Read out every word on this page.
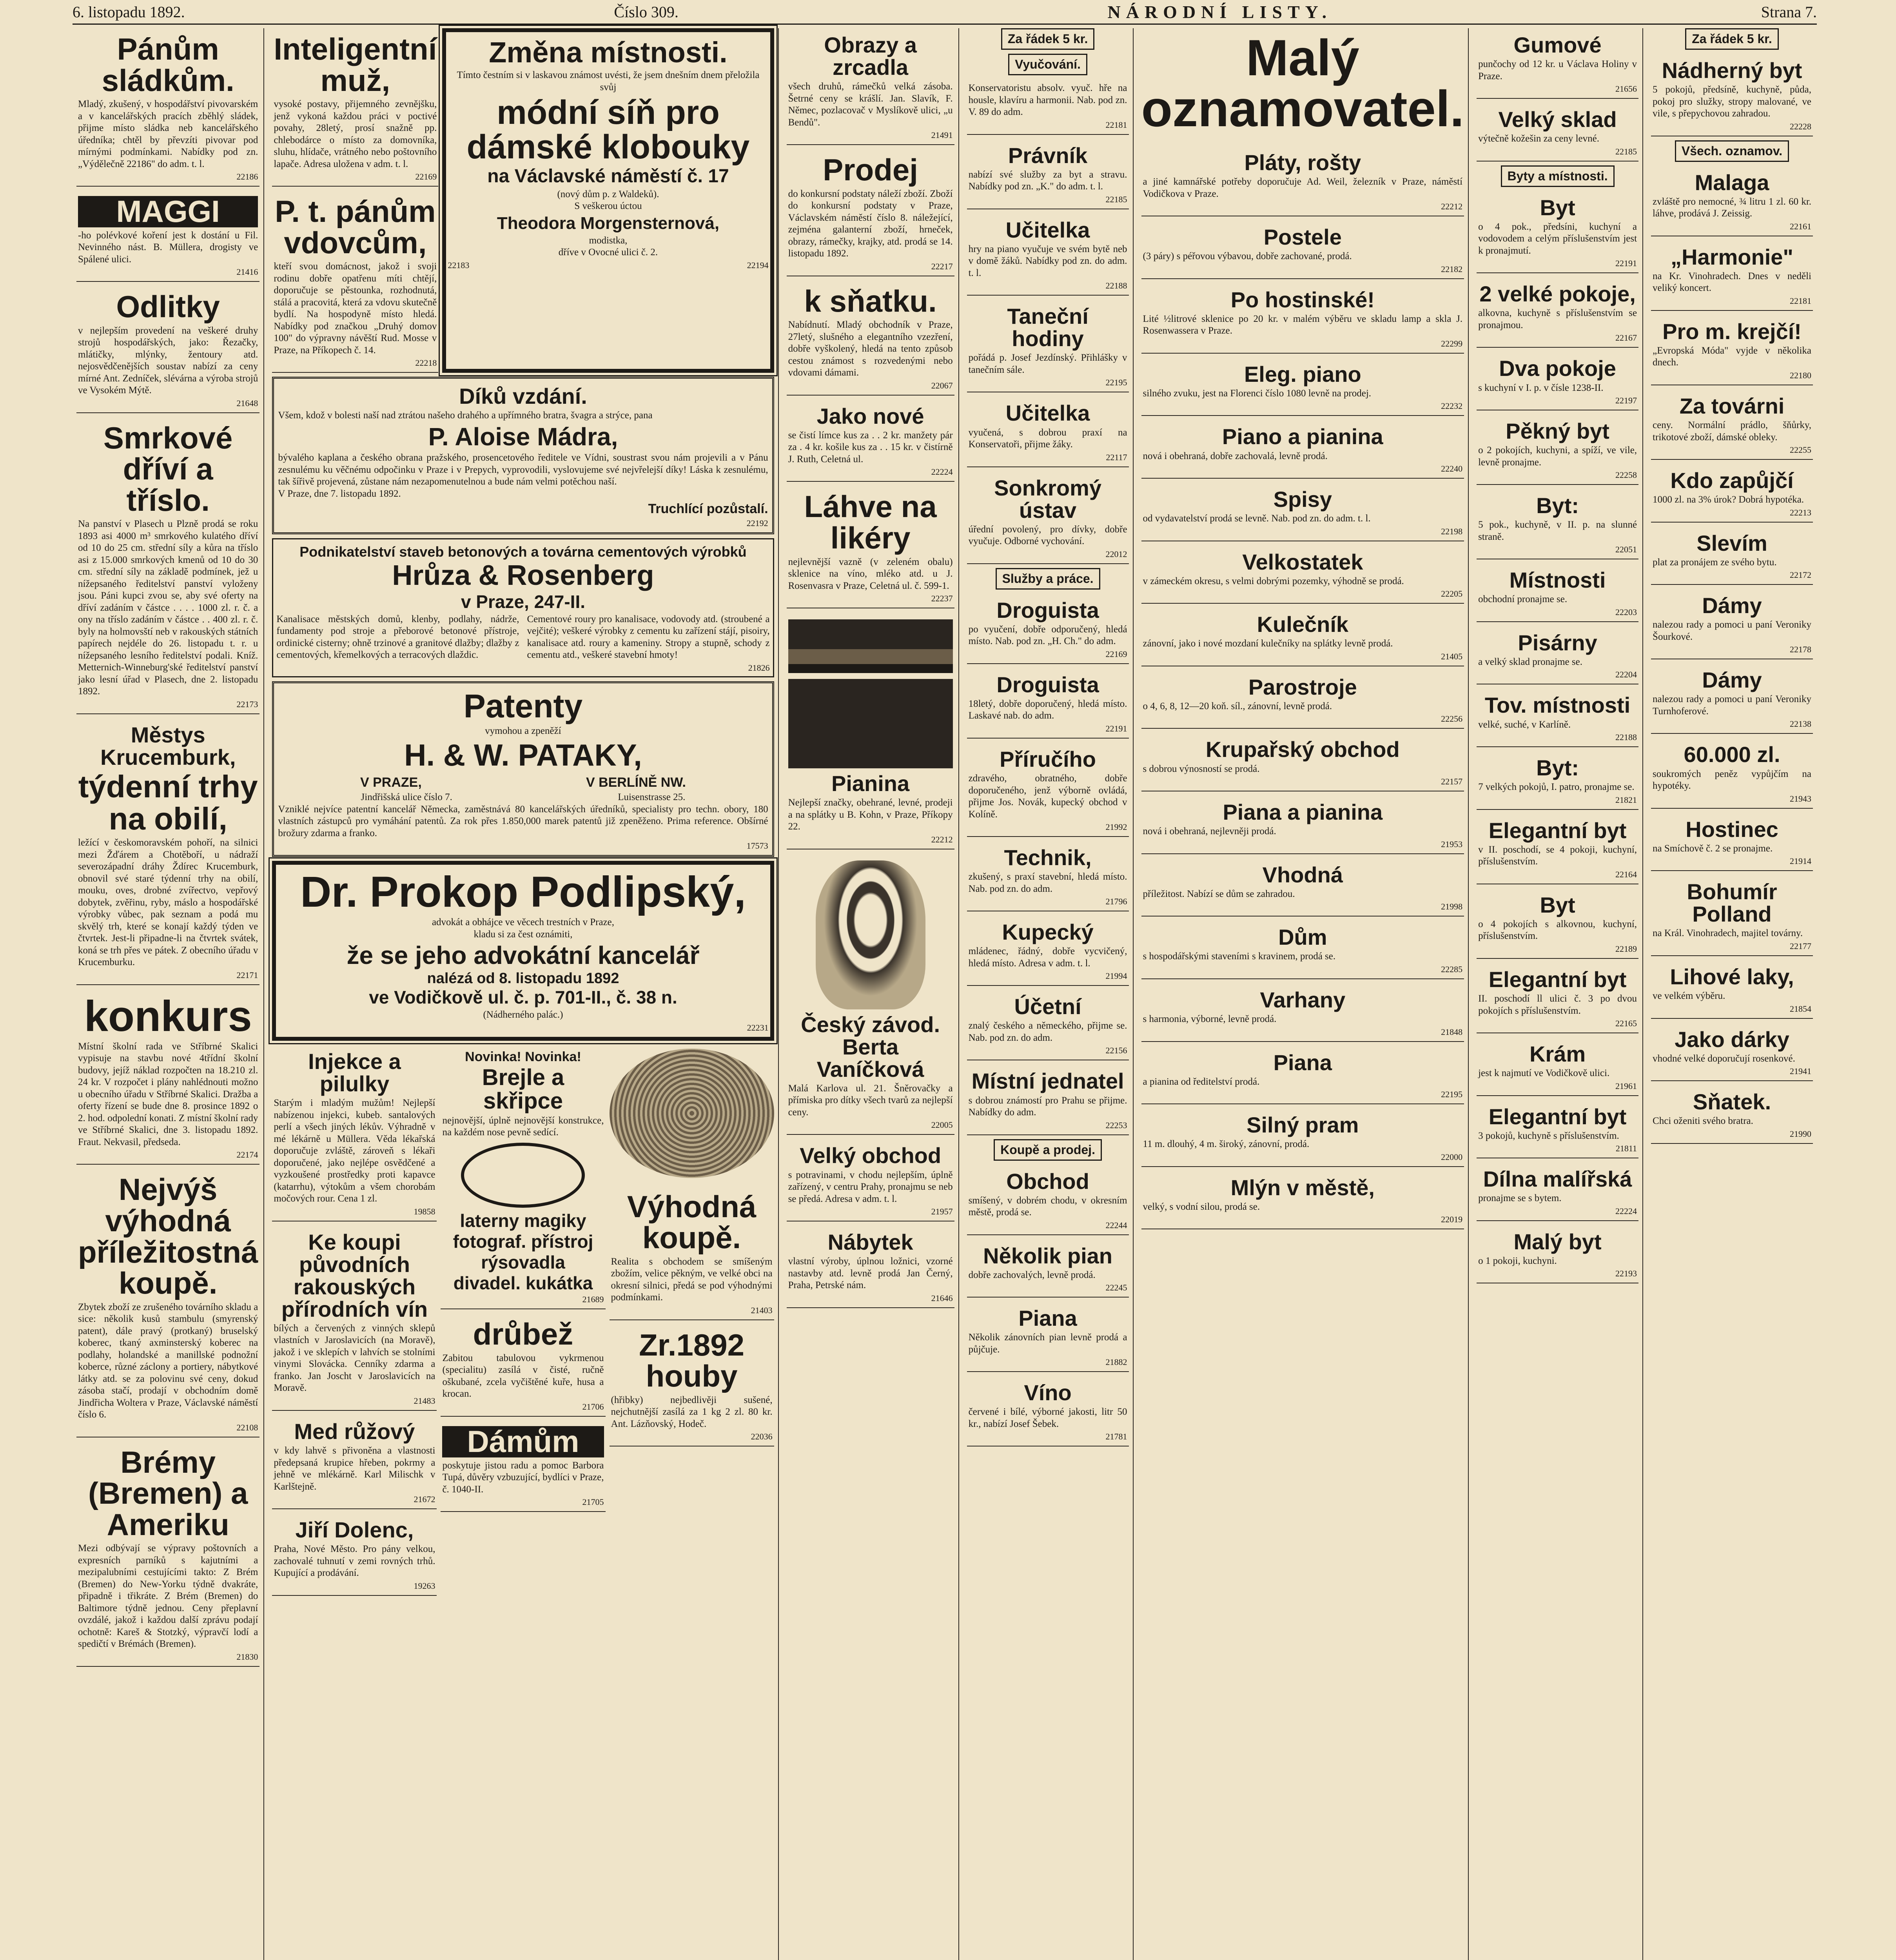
6. listopadu 1892.	Číslo 309.	NÁRODNÍ LISTY.	Strana 7.
Pánům sládkům.
Mladý, zkušený, v hospodářství pivovarském a v kancelářských pracích zběhlý sládek, přijme místo sládka neb kancelářského úředníka; chtěl by převzíti pivovar pod mírnými podmínkami. Nabídky pod zn. „Výdělečně 22186" do adm. t. l.
22186
MAGGI
-ho polévkové koření jest k dostání u Fil. Nevinného nást. B. Müllera, drogisty ve Spálené ulici.
21416
Odlitky
v nejlepším provedení na veškeré druhy strojů hospodářských, jako: Řezačky, mlátičky, mlýnky, žentoury atd. nejosvědčenějších soustav nabízí za ceny mírné Ant. Zedníček, slévárna a výroba strojů ve Vysokém Mýtě.
21648
Smrkové dříví a tříslo.
Na panství v Plasech u Plzně prodá se roku 1893 asi 4000 m³ smrkového kulatého dříví od 10 do 25 cm. střední síly a kůra na tříslo asi z 15.000 smrkových kmenů od 10 do 30 cm. střední síly na základě podmínek, jež u nížepsaného ředitelství panství vyloženy jsou. Páni kupci zvou se, aby své oferty na dříví zadáním v částce . . . . 1000 zl. r. č. a ony na tříslo zadáním v částce . . 400 zl. r. č. byly na holmovsští neb v rakouských státních papírech nejdéle do 26. listopadu t. r. u nížepsaného lesního ředitelství podali. Kníž. Metternich-Winneburg'ské ředitelství panství jako lesní úřad v Plasech, dne 2. listopadu 1892.
22173
Městys Krucemburk,
týdenní trhy na obilí,
ležící v českomoravském pohoří, na silnici mezi Žďárem a Chotěboří, u nádraží severozápadní dráhy Ždírec Krucemburk, obnovil své staré týdenní trhy na obilí, mouku, oves, drobné zvířectvo, vepřový dobytek, zvěřinu, ryby, máslo a hospodářské výrobky vůbec, pak seznam a podá mu skvělý trh, které se konají každý týden ve čtvrtek. Jest-li připadne-li na čtvrtek svátek, koná se trh přes ve pátek. Z obecního úřadu v Krucemburku.
22171
konkurs
Místní školní rada ve Stříbrné Skalici vypisuje na stavbu nové 4třídní školní budovy, jejíž náklad rozpočten na 18.210 zl. 24 kr. V rozpočet i plány nahlédnouti možno u obecního úřadu v Stříbrné Skalici. Dražba a oferty řízení se bude dne 8. prosince 1892 o 2. hod. odpolední konati. Z místní školní rady ve Stříbrné Skalici, dne 3. listopadu 1892. Fraut. Nekvasil, předseda.
22174
Nejvýš výhodná příležitostná koupě.
Zbytek zboží ze zrušeného továrního skladu a sice: několik kusů stambulu (smyrenský patent), dále pravý (protkaný) bruselský koberec, tkaný axminsterský koberec na podlahy, holandské a manillské podnožní koberce, různé záclony a portiery, nábytkové látky atd. se za polovinu své ceny, dokud zásoba stačí, prodají v obchodním domě Jindřicha Woltera v Praze, Václavské náměstí číslo 6.
22108
Brémy (Bremen) a Ameriku
Mezi odbývají se výpravy poštovních a expresních parníků s kajutními a mezipalubními cestujícími takto: Z Brém (Bremen) do New-Yorku týdně dvakráte, připadně i třikráte. Z Brém (Bremen) do Baltimore týdně jednou. Ceny přeplavní ovzdálé, jakož i každou další zprávu podají ochotně: Kareš & Stotzký, výpravčí lodí a spedičtí v Brémách (Bremen).
21830
Inteligentní muž,
vysoké postavy, přijemného zevnějšku, jenž vykoná každou práci v poctivé povahy, 28letý, prosí snažně pp. chlebodárce o místo za domovníka, sluhu, hlídače, vrátného nebo poštovního lapače. Adresa uložena v adm. t. l.
22169
P. t. pánům vdovcům,
kteří svou domácnost, jakož i svoji rodinu dobře opatřenu míti chtějí, doporučuje se pěstounka, rozhodnutá, stálá a pracovitá, která za vdovu skutečně bydlí. Na hospodyně místo hledá. Nabídky pod značkou „Druhý domov 100" do výpravny návěští Rud. Mosse v Praze, na Příkopech č. 14.
22218
Změna místnosti.
Tímto čestním si v laskavou známost uvésti, že jsem dnešním dnem přeložila svůj
módní síň pro dámské klobouky
na Václavské náměstí č. 17
(nový dům p. z Waldeků).
S veškerou úctou
Theodora Morgensternová,
modistka,
dříve v Ovocné ulici č. 2.
22183	22194
Díků vzdání.
Všem, kdož v bolesti naší nad ztrátou našeho drahého a upřímného bratra, švagra a strýce, pana
P. Aloise Mádra,
bývalého kaplana a českého obrana pražského, prosencetového ředitele ve Vídni, soustrast svou nám projevili a v Pánu zesnulému ku věčnému odpočinku v Praze i v Prepych, vyprovodili, vyslovujeme své nejvřelejší díky! Láska k zesnulému, tak šířivě projevená, zůstane nám nezapomenutelnou a bude nám velmi potěchou naší.
V Praze, dne 7. listopadu 1892.
Truchlící pozůstalí.
22192
Podnikatelství staveb betonových a továrna cementových výrobků
Hrůza & Rosenberg
v Praze, 247-II.
Kanalisace městských domů, klenby, podlahy, nádrže, fundamenty pod stroje a přeborové betonové přístroje, ordinické cisterny; ohně trzinové a granitové dlažby; dlažby z cementových, křemelkových a terracových dlaždic.
Cementové roury pro kanalisace, vodovody atd. (stroubené a vejčité); veškeré výrobky z cementu ku zařízení stájí, pisoiry, kanalisace atd. roury a kameniny. Stropy a stupně, schody z cementu atd., veškeré stavební hmoty!
21826
Patenty
vymohou a zpeněží
H. & W. PATAKY,
V PRAZE,	V BERLÍNĚ NW.
Jindřišská ulice číslo 7.	Luisenstrasse 25.
Vzniklé nejvíce patentní kancelář Německa, zaměstnává 80 kancelářských úředníků, specialisty pro techn. obory, 180 vlastních zástupců pro vymáhání patentů. Za rok přes 1.850,000 marek patentů již zpeněženo. Prima reference. Obšírné brožury zdarma a franko.
17573
Dr. Prokop Podlipský,
advokát a obhájce ve věcech trestních v Praze,
kladu si za čest oznámiti,
že se jeho advokátní kancelář
nalézá od 8. listopadu 1892
ve Vodičkově ul. č. p. 701-II., č. 38 n.
(Nádherného palác.)
22231
Injekce a pilulky
Starým i mladým mužům! Nejlepší nabízenou injekci, kubeb. santalových perlí a všech jiných lékův. Výhradně v mé lékárně u Müllera. Věda lékařská doporučuje zvláště, zároveň s lékaři doporučené, jako nejlépe osvědčené a vyzkoušené prostředky proti kapavce (katarrhu), výtokům a všem chorobám močových rour. Cena 1 zl.
19858
Ke koupi původních rakouských přírodních vín
bílých a červených z vinných sklepů vlastních v Jaroslavicích (na Moravě), jakož i ve sklepích v lahvích se stolními vinymi Slovácka. Cenníky zdarma a franko. Jan Joscht v Jaroslavicích na Moravě.
21483
Med růžový
v kdy lahvě s přivoněna a vlastnosti předepsaná krupice hřeben, pokrmy a jehně ve mlékárně. Karl Milischk v Karlštejně.
21672
Jiří Dolenc,
Praha, Nové Město. Pro pány velkou, zachovalé tuhnutí v zemi rovných trhů. Kupující a prodávání.
19263
Novinka! Novinka!
Brejle a skřipce
nejnovější, úplně nejnovější konstrukce, na každém nose pevně sedící.
laterny magiky
fotograf. přístroj
rýsovadla
divadel. kukátka
21689
drůbež
Zabitou tabulovou vykrmenou (specialitu) zasílá v čisté, ručně oškubané, zcela vyčištěné kuře, husa a krocan.
21706
Dámům
poskytuje jistou radu a pomoc Barbora Tupá, důvěry vzbuzující, bydlíci v Praze, č. 1040-II.
21705
Výhodná koupě.
Realita s obchodem se smíšeným zbožím, velice pěkným, ve velké obci na okresní silnici, předá se pod výhodnými podmínkami.
21403
Zr.1892 houby
(hřibky) nejbedlivěji sušené, nejchutnější zasílá za 1 kg 2 zl. 80 kr. Ant. Lázňovský, Hodeč.
22036
Obrazy a zrcadla
všech druhů, rámečků velká zásoba. Šetrné ceny se krášlí. Jan. Slavík, F. Němec, pozlacovač v Myslíkově ulici, „u Bendů".
21491
Prodej
do konkursní podstaty náleží zboží. Zboží do konkursní podstaty v Praze, Václavském náměstí číslo 8. náležející, zejména galanterní zboží, hrneček, obrazy, rámečky, krajky, atd. prodá se 14. listopadu 1892.
22217
k sňatku.
Nabídnutí. Mladý obchodník v Praze, 27letý, slušného a elegantního vzezření, dobře vyškolený, hledá na tento způsob cestou známost s rozvedenými nebo vdovami dámami.
22067
Jako nové
se čistí límce kus za . . 2 kr. manžety pár za . 4 kr. košile kus za . . 15 kr. v čistírně J. Ruth, Celetná ul.
22224
Láhve na likéry
nejlevnější vazně (v zeleném obalu) sklenice na víno, mléko atd. u J. Rosenvasra v Praze, Celetná ul. č. 599-1.
22237
Pianina
Nejlepší značky, obehrané, levné, prodeji a na splátky u B. Kohn, v Praze, Příkopy 22.
22212
Český závod. Berta Vaníčková
Malá Karlova ul. 21. Šněrovačky a přímiska pro dítky všech tvarů za nejlepší ceny.
22005
Velký obchod
s potravinami, v chodu nejlepším, úplně zařízený, v centru Prahy, pronajmu se neb se předá. Adresa v adm. t. l.
21957
Nábytek
vlastní výroby, úplnou ložnici, vzorné nastavby atd. levně prodá Jan Černý, Praha, Petrské nám.
21646
Za řádek 5 kr.
Vyučování.
Konservatoristu absolv. vyuč. hře na housle, klavíru a harmonii. Nab. pod zn. V. 89 do adm.
22181
Právník
nabízí své služby za byt a stravu. Nabídky pod zn. „K." do adm. t. l.
22185
Učitelka
hry na piano vyučuje ve svém bytě neb v domě žáků. Nabídky pod zn. do adm. t. l.
22188
Taneční hodiny
pořádá p. Josef Jezdínský. Přihlášky v tanečním sále.
22195
Učitelka
vyučená, s dobrou praxí na Konservatoři, přijme žáky.
22117
Sonkromý ústav
úřední povolený, pro dívky, dobře vyučuje. Odborné vychování.
22012
Služby a práce.
Droguista
po vyučení, dobře odporučený, hledá místo. Nab. pod zn. „H. Ch." do adm.
22169
Droguista
18letý, dobře doporučený, hledá místo. Laskavé nab. do adm.
22191
Příručího
zdravého, obratného, dobře doporučeného, jenž výborně ovládá, přijme Jos. Novák, kupecký obchod v Kolíně.
21992
Technik,
zkušený, s praxí stavební, hledá místo. Nab. pod zn. do adm.
21796
Kupecký
mládenec, řádný, dobře vycvičený, hledá místo. Adresa v adm. t. l.
21994
Účetní
znalý českého a německého, přijme se. Nab. pod zn. do adm.
22156
Místní jednatel
s dobrou známostí pro Prahu se přijme. Nabídky do adm.
22253
Koupě a prodej.
Obchod
smíšený, v dobrém chodu, v okresním městě, prodá se.
22244
Několik pian
dobře zachovalých, levně prodá.
22245
Piana
Několik zánovních pian levně prodá a půjčuje.
21882
Víno
červené i bílé, výborné jakosti, litr 50 kr., nabízí Josef Šebek.
21781
Malý oznamovatel.
Pláty, rošty
a jiné kamnářské potřeby doporučuje Ad. Weil, železník v Praze, náměstí Vodičkova v Praze.
22212
Postele
(3 páry) s péřovou výbavou, dobře zachované, prodá.
22182
Po hostinské!
Lité ½litrové sklenice po 20 kr. v malém výběru ve skladu lamp a skla J. Rosenwassera v Praze.
22299
Eleg. piano
silného zvuku, jest na Florenci číslo 1080 levně na prodej.
22232
Piano a pianina
nová i obehraná, dobře zachovalá, levně prodá.
22240
Spisy
od vydavatelství prodá se levně. Nab. pod zn. do adm. t. l.
22198
Velkostatek
v zámeckém okresu, s velmi dobrými pozemky, výhodně se prodá.
22205
Kulečník
zánovní, jako i nové mozdaní kulečníky na splátky levně prodá.
21405
Parostroje
o 4, 6, 8, 12—20 koň. síl., zánovní, levně prodá.
22256
Krupařský obchod
s dobrou výnosností se prodá.
22157
Piana a pianina
nová i obehraná, nejlevněji prodá.
21953
Vhodná
příležitost. Nabízí se dům se zahradou.
21998
Dům
s hospodářskými staveními s kravinem, prodá se.
22285
Varhany
s harmonia, výborné, levně prodá.
21848
Piana
a pianina od ředitelství prodá.
22195
Silný pram
11 m. dlouhý, 4 m. široký, zánovní, prodá.
22000
Mlýn v městě,
velký, s vodní silou, prodá se.
22019
Gumové
punčochy od 12 kr. u Václava Holiny v Praze.
21656
Velký sklad
výtečně kožešin za ceny levné.
22185
Byty a místnosti.
Byt
o 4 pok., předsíni, kuchyní a vodovodem a celým příslušenstvím jest k pronajmutí.
22191
2 velké pokoje,
alkovna, kuchyně s příslušenstvím se pronajmou.
22167
Dva pokoje
s kuchyní v I. p. v čísle 1238-II.
22197
Pěkný byt
o 2 pokojích, kuchyni, a spíží, ve vile, levně pronajme.
22258
Byt:
5 pok., kuchyně, v II. p. na slunné straně.
22051
Místnosti
obchodní pronajme se.
22203
Pisárny
a velký sklad pronajme se.
22204
Tov. místnosti
velké, suché, v Karlíně.
22188
Byt:
7 velkých pokojů, I. patro, pronajme se.
21821
Elegantní byt
v II. poschodí, se 4 pokoji, kuchyní, příslušenstvím.
22164
Byt
o 4 pokojích s alkovnou, kuchyní, příslušenstvím.
22189
Elegantní byt
II. poschodí ll ulici č. 3 po dvou pokojích s příslušenstvím.
22165
Krám
jest k najmutí ve Vodičkově ulici.
21961
Elegantní byt
3 pokojů, kuchyně s příslušenstvím.
21811
Dílna malířská
pronajme se s bytem.
22224
Malý byt
o 1 pokoji, kuchyni.
22193
Za řádek 5 kr.
Nádherný byt
5 pokojů, předsíně, kuchyně, půda, pokoj pro služky, stropy malované, ve vile, s přepychovou zahradou.
22228
Všech. oznamov.
Malaga
zvláště pro nemocné, ¾ litru 1 zl. 60 kr. láhve, prodává J. Zeissig.
22161
„Harmonie"
na Kr. Vinohradech. Dnes v neděli veliký koncert.
22181
Pro m. krejčí!
„Evropská Móda" vyjde v několika dnech.
22180
Za továrni
ceny. Normální prádlo, šňůrky, trikotové zboží, dámské obleky.
22255
Kdo zapůjčí
1000 zl. na 3% úrok? Dobrá hypotéka.
22213
Slevím
plat za pronájem ze svého bytu.
22172
Dámy
nalezou rady a pomoci u paní Veroniky Šourkové.
22178
Dámy
nalezou rady a pomoci u paní Veroniky Turnhoferové.
22138
60.000 zl.
soukromých peněz vypůjčím na hypotéky.
21943
Hostinec
na Smíchově č. 2 se pronajme.
21914
Bohumír Polland
na Král. Vinohradech, majitel továrny.
22177
Lihové laky,
ve velkém výběru.
21854
Jako dárky
vhodné velké doporučují rosenkové.
21941
Sňatek.
Chci oženiti svého bratra.
21990
